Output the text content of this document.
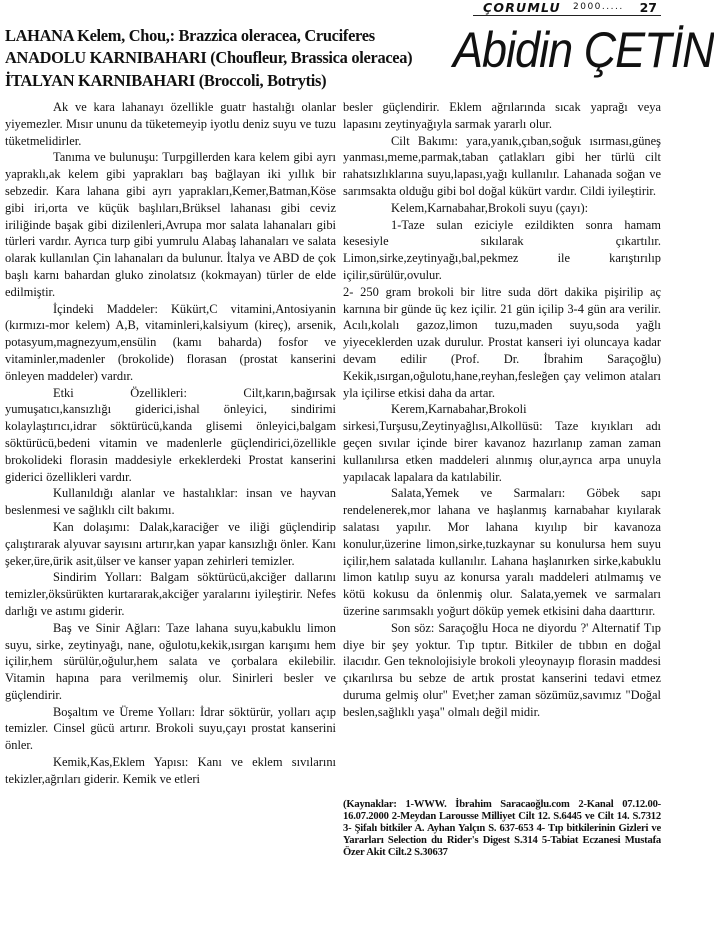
ÇORUMLU 2000..... 27
LAHANA Kelem, Chou,: Brazzica oleracea, Cruciferes
ANADOLU KARNIBAHARI (Choufleur, Brassica oleracea)
İTALYAN KARNIBAHARI (Broccoli, Botrytis)
Abidin ÇETİN

Ak ve kara lahanayı özellikle guatr hastalığı olanlar yiyemezler. Mısır ununu da tüketemeyip iyotlu deniz suyu ve tuzu tüketmelidirler.

Tanıma ve bulunuşu: Turpgillerden kara kelem gibi ayrı yapraklı,ak kelem gibi yaprakları baş bağlayan iki yıllık bir sebzedir. Kara lahana gibi ayrı yaprakları,Kemer,Batman,Köse gibi iri,orta ve küçük başlıları,Brüksel lahanası gibi ceviz iriliğinde başak gibi dizilenleri,Avrupa mor salata lahanaları gibi türleri vardır. Ayrıca turp gibi yumrulu Alabaş lahanaları ve salata olarak kullanılan Çin lahanaları da bulunur. İtalya ve ABD de çok başlı karnı bahardan gluko zinolatsız (kokmayan) türler de elde edilmiştir.

İçindeki Maddeler: Kükürt,C vitamini,Antosiyanin (kırmızı-mor kelem) A,B, vitaminleri,kalsiyum (kireç), arsenik, potasyum,magnezyum,ensülin (kamı baharda) fosfor ve vitaminler,madenler (brokolide) florasan (prostat kanserini önleyen maddeler) vardır.

Etki Özellikleri: Cilt,karın,bağırsak yumuşatıcı,kansızlığı giderici,ishal önleyici, sindirimi kolaylaştırıcı,idrar söktürücü,kanda glisemi önleyici,balgam söktürücü,bedeni vitamin ve madenlerle güçlendirici,özellikle brokolideki florasin maddesiyle erkeklerdeki Prostat kanserini giderici özellikleri vardır.

Kullanıldığı alanlar ve hastalıklar: insan ve hayvan beslenmesi ve sağlıklı cilt bakımı.

Kan dolaşımı: Dalak,karaciğer ve iliği güçlendirip çalıştırarak alyuvar sayısını artırır,kan yapar kansızlığı önler. Kanı şeker,üre,ürik asit,ülser ve kanser yapan zehirleri temizler.

Sindirim Yolları: Balgam söktürücü,akciğer dallarını temizler,öksürükten kurtararak,akciğer yaralarını iyileştirir. Nefes darlığı ve astımı giderir.

Baş ve Sinir Ağları: Taze lahana suyu,kabuklu limon suyu, sirke, zeytinyağı, nane, oğulotu,kekik,ısırgan karışımı hem içilir,hem sürülür,oğulur,hem salata ve çorbalara ekilebilir. Vitamin hapına para verilmemiş olur. Sinirleri besler ve güçlendirir.

Boşaltım ve Üreme Yolları: İdrar söktürür, yolları açıp temizler. Cinsel gücü artırır. Brokoli suyu,çayı prostat kanserini önler.

Kemik,Kas,Eklem Yapısı: Kanı ve eklem sıvılarını tekizler,ağrıları giderir. Kemik ve etleri

besler güçlendirir. Eklem ağrılarında sıcak yaprağı veya lapasını zeytinyağıyla sarmak yararlı olur.

Cilt Bakımı: yara,yanık,çıban,soğuk ısırması,güneş yanması,meme,parmak,taban çatlakları gibi her türlü cilt rahatsızlıklarına suyu,lapası,yağı kullanılır. Lahanada soğan ve sarımsakta olduğu gibi bol doğal kükürt vardır. Cildi iyileştirir.

Kelem,Karnabahar,Brokoli suyu (çayı):

1-Taze sulan eziciyle ezildikten sonra hamam kesesiyle sıkılarak çıkartılır. Limon,sirke,zeytinyağı,bal,pekmez ile karıştırılıp içilir,sürülür,ovulur.

2- 250 gram brokoli bir litre suda dört dakika pişirilip aç karnına bir günde üç kez içilir. 21 gün içilip 3-4 gün ara verilir. Acılı,kolalı gazoz,limon tuzu,maden suyu,soda yağlı yiyeceklerden uzak durulur. Prostat kanseri iyi oluncaya kadar devam edilir (Prof. Dr. İbrahim Saraçoğlu) Kekik,ısırgan,oğulotu,hane,reyhan,fesleğen çay velimon ataları yla içilirse etkisi daha da artar.

Kerem,Karnabahar,Brokoli sirkesi,Turşusu,Zeytinyağlısı,Alkollüsü: Taze kıyıkları adı geçen sıvılar içinde birer kavanoz hazırlanıp zaman zaman kullanılırsa etken maddeleri alınmış olur,ayrıca arpa unuyla yapılacak lapalara da katılabilir.

Salata,Yemek ve Sarmaları: Göbek sapı rendelenerek,mor lahana ve haşlanmış karnabahar kıyılarak salatası yapılır. Mor lahana kıyılıp bir kavanoza konulur,üzerine limon,sirke,tuzkaynar su konulursa hem suyu içilir,hem salatada kullanılır. Lahana haşlanırken sirke,kabuklu limon katılıp suyu az konursa yaralı maddeleri atılmamış ve kötü kokusu da önlenmiş olur. Salata,yemek ve sarmaları üzerine sarımsaklı yoğurt döküp yemek etkisini daha daarttırır.

Son söz: Saraçoğlu Hoca ne diyordu ?' Alternatif Tıp diye bir şey yoktur. Tıp tıptır. Bitkiler de tıbbın en doğal ilacıdır. Gen teknolojisiyle brokoli yleoynayıp florasin maddesi çıkarılırsa bu sebze de artık prostat kanserini tedavi etmez duruma gelmiş olur" Evet;her zaman sözümüz,savımız "Doğal beslen,sağlıklı yaşa" olmalı değil midir.

(Kaynaklar: 1-WWW. İbrahim Saracaoğlu.com 2-Kanal 07.12.00-16.07.2000 2-Meydan Larousse Milliyet Cilt 12. S.6445 ve Cilt 14. S.7312 3- Şifalı bitkiler A. Ayhan Yalçın S. 637-653 4- Tıp bitkilerinin Gizleri ve Yararları Selection du Rider's Digest S.314 5-Tabiat Eczanesi Mustafa Özer Akit Cilt.2 S.30637
